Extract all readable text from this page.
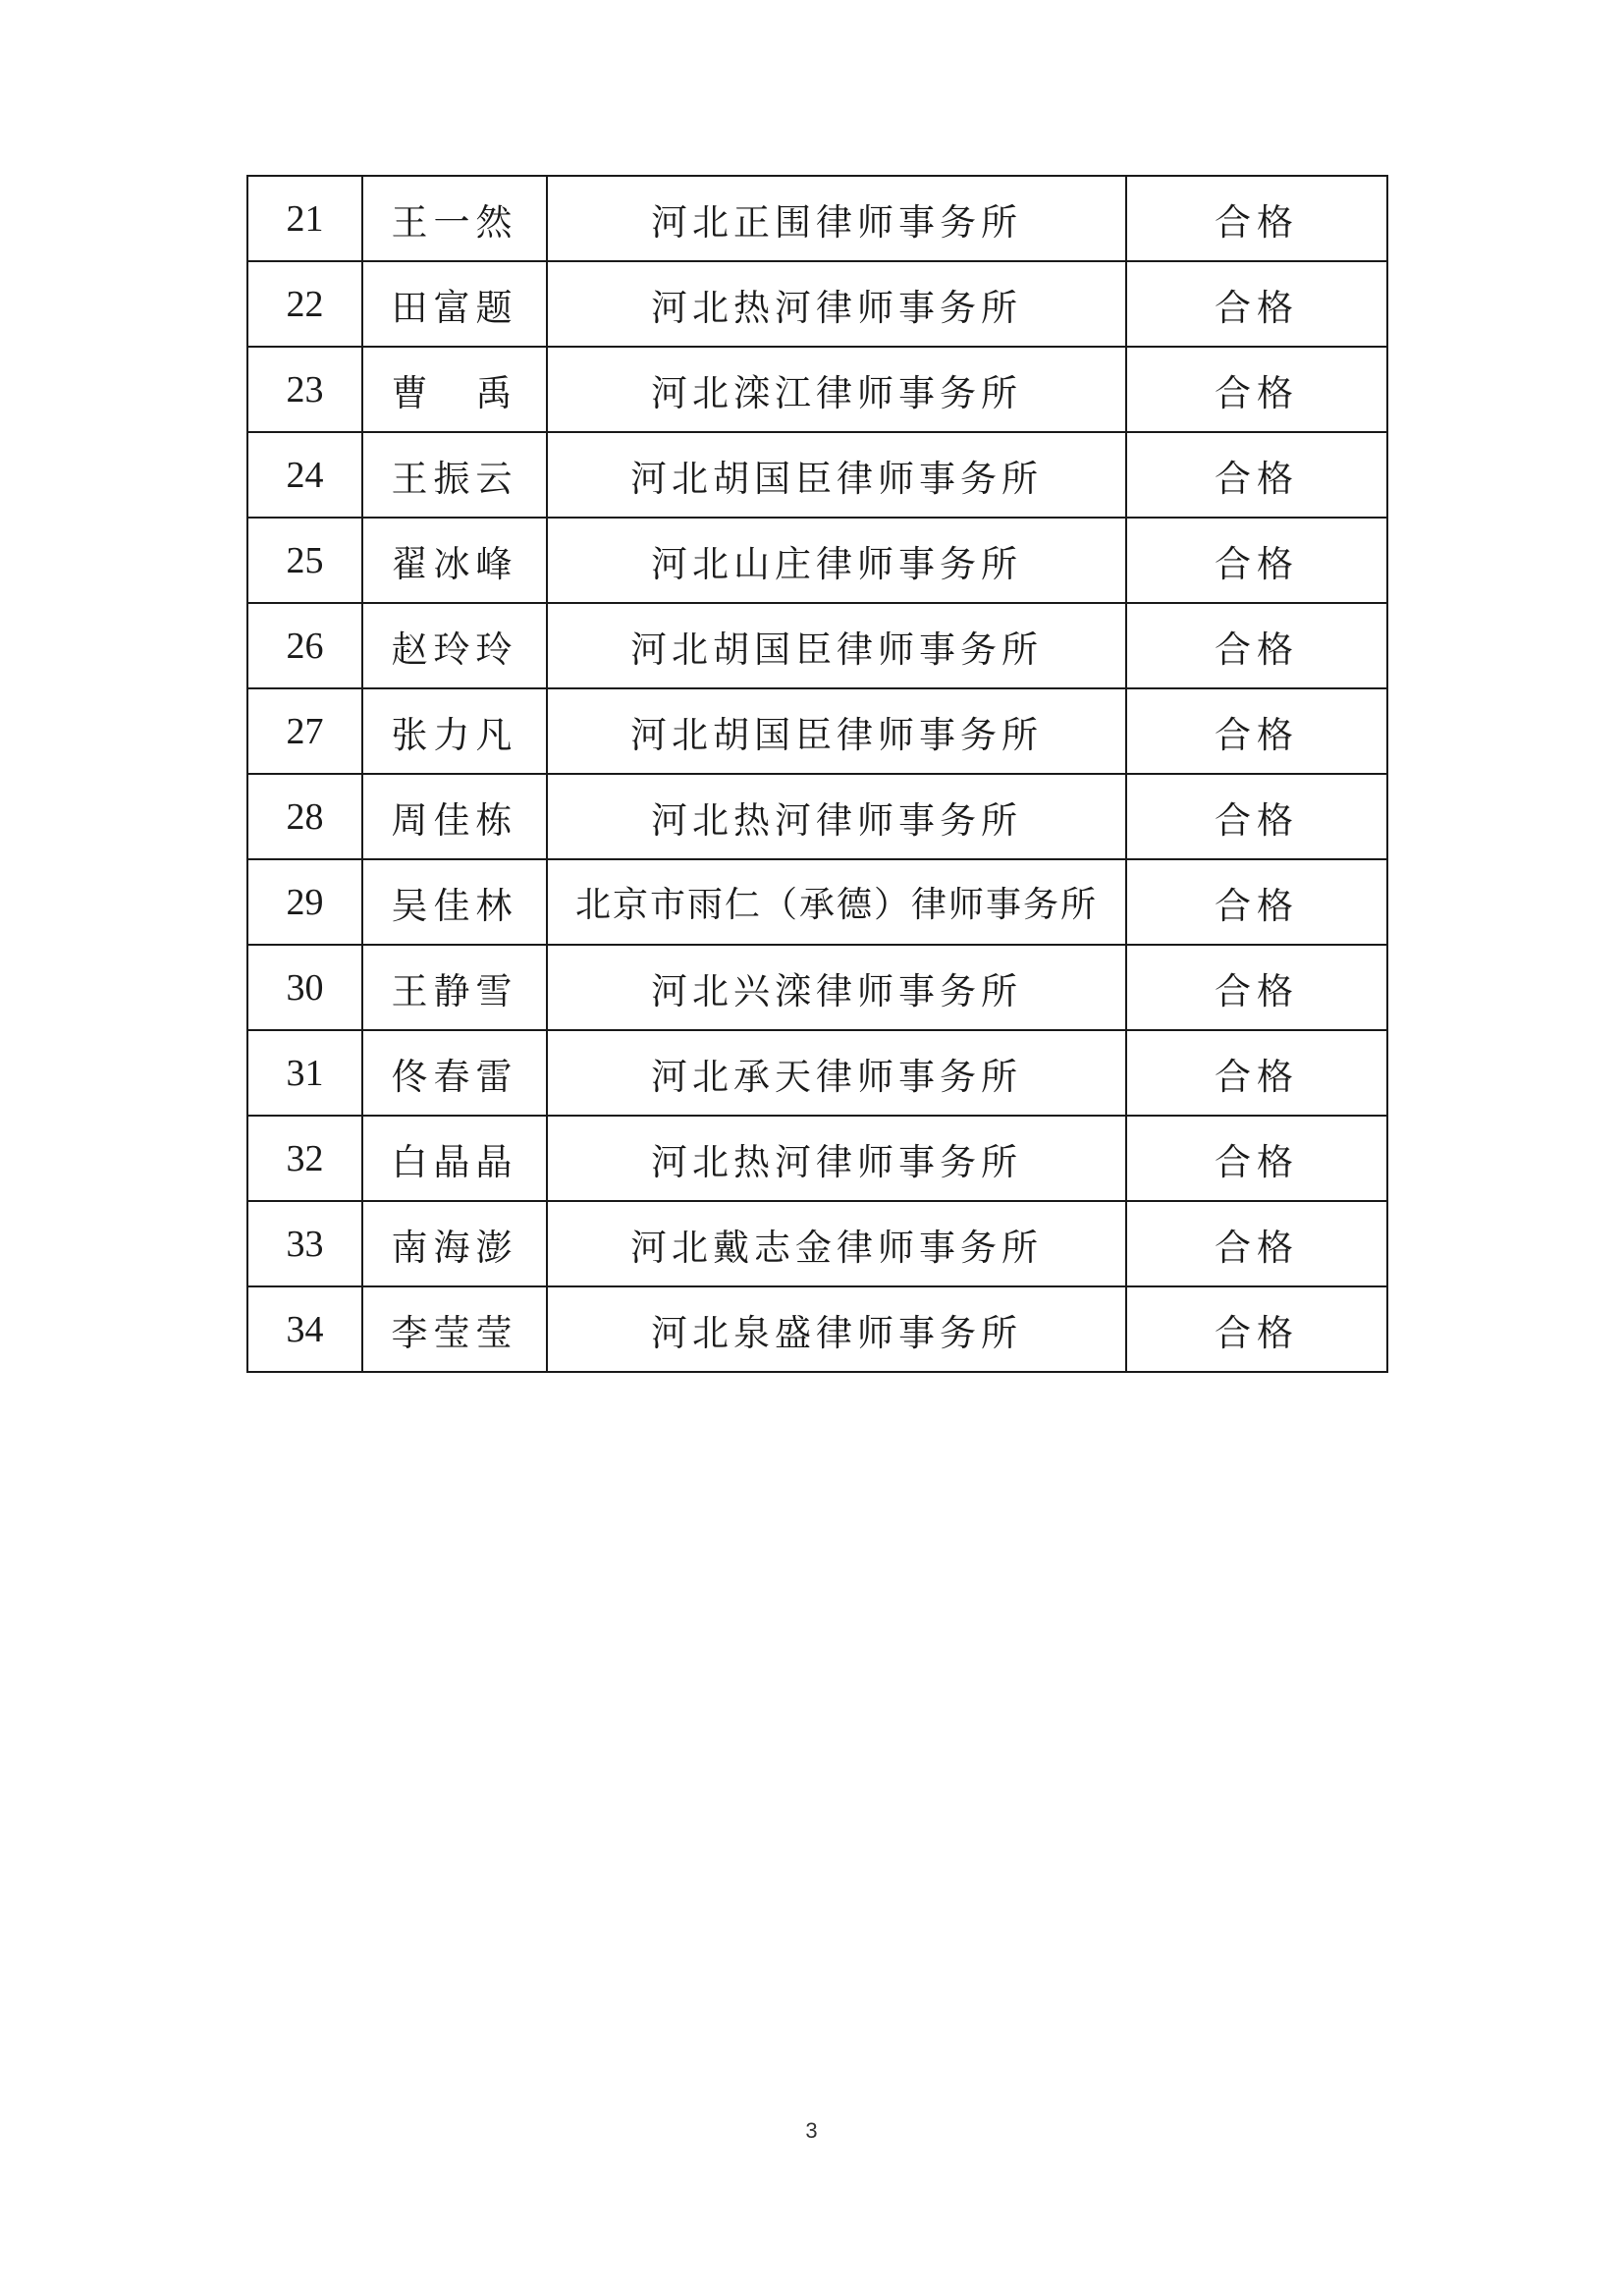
21	王一然	河北正围律师事务所	合格
22	田富题	河北热河律师事务所	合格
23	曹　禹	河北滦江律师事务所	合格
24	王振云	河北胡国臣律师事务所	合格
25	翟冰峰	河北山庄律师事务所	合格
26	赵玲玲	河北胡国臣律师事务所	合格
27	张力凡	河北胡国臣律师事务所	合格
28	周佳栋	河北热河律师事务所	合格
29	吴佳林	北京市雨仁（承德）律师事务所	合格
30	王静雪	河北兴滦律师事务所	合格
31	佟春雷	河北承天律师事务所	合格
32	白晶晶	河北热河律师事务所	合格
33	南海澎	河北戴志金律师事务所	合格
34	李莹莹	河北泉盛律师事务所	合格
3
